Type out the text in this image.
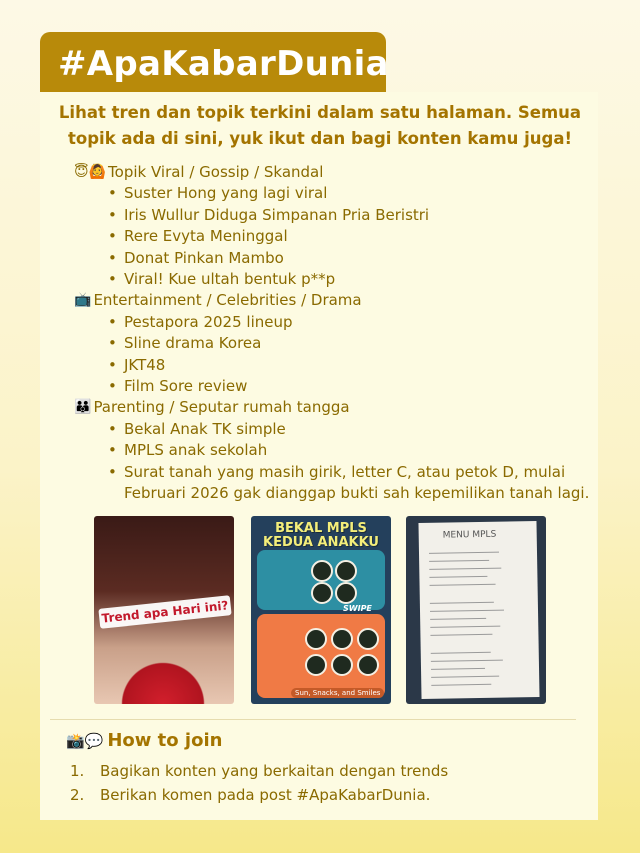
#ApaKabarDunia
Lihat tren dan topik terkini dalam satu halaman. Semua topik ada di sini, yuk ikut dan bagi konten kamu juga!
😇🙆 Topik Viral / Gossip / Skandal
• Suster Hong yang lagi viral
• Iris Wullur Diduga Simpanan Pria Beristri
• Rere Evyta Meninggal
• Donat Pinkan Mambo
• Viral! Kue ultah bentuk p**p
📺 Entertainment / Celebrities / Drama
• Pestapora 2025 lineup
• Sline drama Korea
• JKT48
• Film Sore review
👪 Parenting / Seputar rumah tangga
• Bekal Anak TK simple
• MPLS anak sekolah
• Surat tanah yang masih girik, letter C, atau petok D, mulai Februari 2026 gak dianggap bukti sah kepemilikan tanah lagi.
Trend apa Hari ini?
BEKAL MPLS KEDUA ANAKKU
SWIPE
Sun, Snacks, and Smiles
MENU MPLS
📸💬 How to join
1.	Bagikan konten yang berkaitan dengan trends
2.	Berikan komen pada post #ApaKabarDunia.
